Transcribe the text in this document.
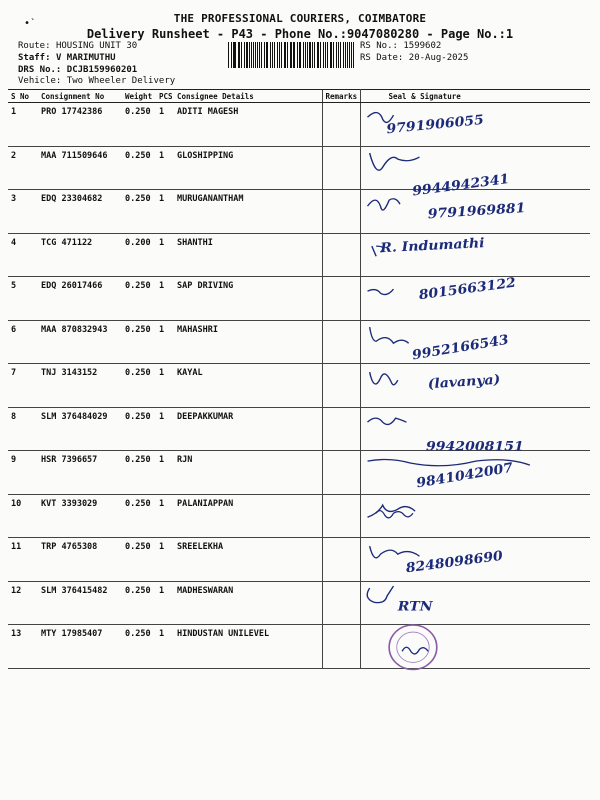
•̀	THE PROFESSIONAL COURIERS, COIMBATORE
Delivery Runsheet - P43 - Phone No.:9047080280 - Page No.:1
Route: HOUSING UNIT 30
Staff: V MARIMUTHU
DRS No.: DCJB159960201
Vehicle: Two Wheeler Delivery
RS No.: 1599602
RS Date: 20-Aug-2025
S No	Consignment No	Weight	PCS	Consignee Details	Remarks	Seal & Signature
1	PRO 17742386	0.250	1	ADITI MAGESH		9791906055

2	MAA 711509646	0.250	1	GLOSHIPPING		9944942341

3	EDQ 23304682	0.250	1	MURUGANANTHAM		9791969881

4	TCG 471122	0.200	1	SHANTHI		R. Indumathi

5	EDQ 26017466	0.250	1	SAP DRIVING		8015663122

6	MAA 870832943	0.250	1	MAHASHRI		9952166543

7	TNJ 3143152	0.250	1	KAYAL		(lavanya)

8	SLM 376484029	0.250	1	DEEPAKKUMAR		9942008151

9	HSR 7396657	0.250	1	RJN		9841042007

10	KVT 3393029	0.250	1	PALANIAPPAN		

11	TRP 4765308	0.250	1	SREELEKHA		8248098690

12	SLM 376415482	0.250	1	MADHESWARAN		RTN

13	MTY 17985407	0.250	1	HINDUSTAN UNILEVEL		
